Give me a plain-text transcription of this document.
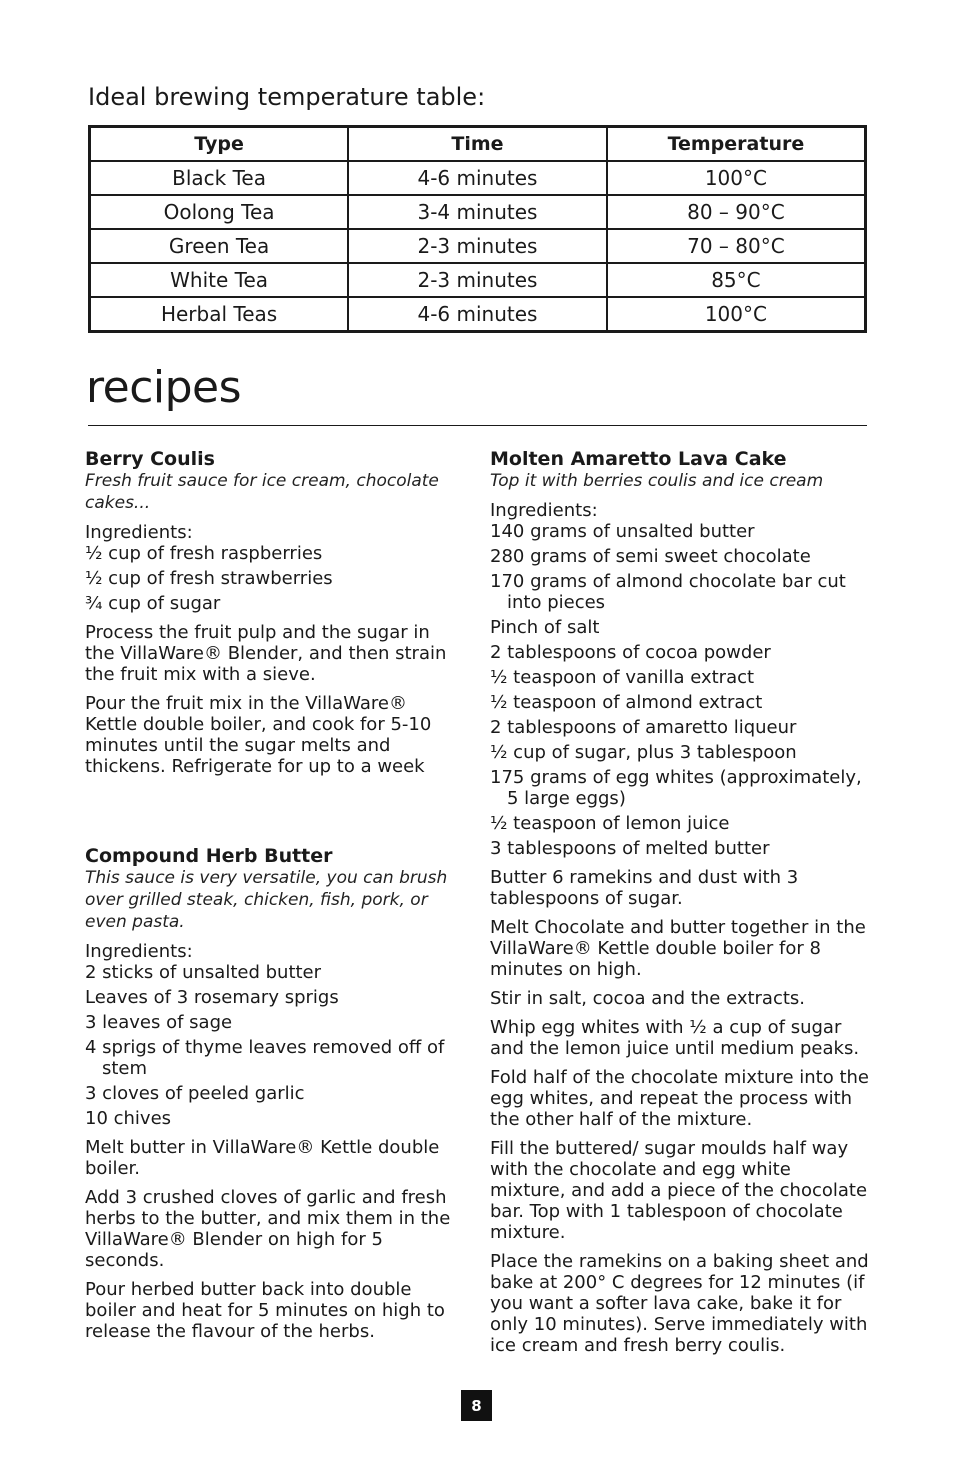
Ideal brewing temperature table:
Type	Time	Temperature
Black Tea	4-6 minutes	100°C
Oolong Tea	3-4 minutes	80 – 90°C
Green Tea	2-3 minutes	70 – 80°C
White Tea	2-3 minutes	85°C
Herbal Teas	4-6 minutes	100°C
recipes

Berry Coulis

Fresh fruit sauce for ice cream, chocolate cakes...

Ingredients:

½ cup of fresh raspberries
½ cup of fresh strawberries
¾ cup of sugar

Process the fruit pulp and the sugar in the VillaWare® Blender, and then strain the fruit mix with a sieve.

Pour the fruit mix in the VillaWare® Kettle double boiler, and cook for 5-10 minutes until the sugar melts and thickens. Refrigerate for up to a week

Compound Herb Butter

This sauce is very versatile, you can brush over grilled steak, chicken, fish, pork, or even pasta.

Ingredients:

2 sticks of unsalted butter
Leaves of 3 rosemary sprigs
3 leaves of sage
4 sprigs of thyme leaves removed off of stem
3 cloves of peeled garlic
10 chives

Melt butter in VillaWare® Kettle double boiler.

Add 3 crushed cloves of garlic and fresh herbs to the butter, and mix them in the VillaWare® Blender on high for 5 seconds.

Pour herbed butter back into double boiler and heat for 5 minutes on high to release the flavour of the herbs.

Molten Amaretto Lava Cake

Top it with berries coulis and ice cream

Ingredients:

140 grams of unsalted butter
280 grams of semi sweet chocolate
170 grams of almond chocolate bar cut into pieces
Pinch of salt
2 tablespoons of cocoa powder
½ teaspoon of vanilla extract
½ teaspoon of almond extract
2 tablespoons of amaretto liqueur
½ cup of sugar, plus 3 tablespoon
175 grams of egg whites (approximately, 5 large eggs)
½ teaspoon of lemon juice
3 tablespoons of melted butter

Butter 6 ramekins and dust with 3 tablespoons of sugar.

Melt Chocolate and butter together in the VillaWare® Kettle double boiler for 8 minutes on high.

Stir in salt, cocoa and the extracts.

Whip egg whites with ½ a cup of sugar and the lemon juice until medium peaks.

Fold half of the chocolate mixture into the egg whites, and repeat the process with the other half of the mixture.

Fill the buttered/ sugar moulds half way with the chocolate and egg white mixture, and add a piece of the chocolate bar. Top with 1 tablespoon of chocolate mixture.

Place the ramekins on a baking sheet and bake at 200° C degrees for 12 minutes (if you want a softer lava cake, bake it for only 10 minutes). Serve immediately with ice cream and fresh berry coulis.

8
